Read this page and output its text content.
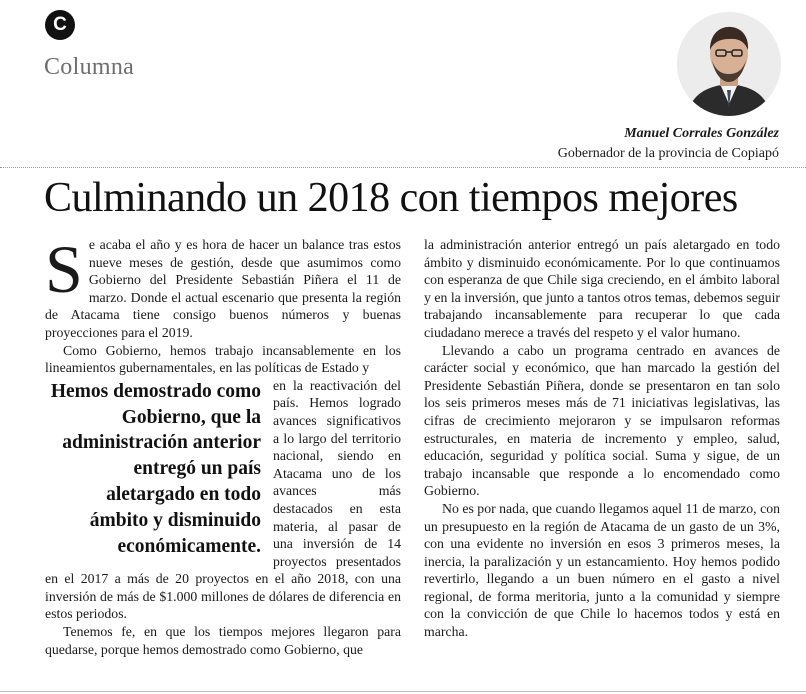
C
Columna
Manuel Corrales González
Gobernador de la provincia de Copiapó
Culminando un 2018 con tiempos mejores

Se acaba el año y es hora de hacer un balance tras estos nueve meses de gestión, desde que asumimos como Gobierno del Presidente Sebastián Piñera el 11 de marzo. Donde el actual escenario que presenta la región de Atacama tiene consigo buenos números y buenas proyecciones para el 2019.

Como Gobierno, hemos trabajo incansablemente en los lineamientos gubernamentales, en las políticas de Estado y

Hemos demostrado como Gobierno, que la administración anterior entregó un país aletargado en todo ámbito y disminuido económicamente.
en la reactivación del país. Hemos logrado avances significativos a lo largo del territorio nacional, siendo en Atacama uno de los avances más destacados en esta materia, al pasar de una inversión de 14 proyectos presentados en el 2017 a más de 20 proyectos en el año 2018, con una inversión de más de $1.000 millones de dólares de diferencia en estos periodos.

Tenemos fe, en que los tiempos mejores llegaron para quedarse, porque hemos demostrado como Gobierno, que

la administración anterior entregó un país aletargado en todo ámbito y disminuido económicamente. Por lo que continuamos con esperanza de que Chile siga creciendo, en el ámbito laboral y en la inversión, que junto a tantos otros temas, debemos seguir trabajando incansablemente para recuperar lo que cada ciudadano merece a través del respeto y el valor humano.

Llevando a cabo un programa centrado en avances de carácter social y económico, que han marcado la gestión del Presidente Sebastián Piñera, donde se presentaron en tan solo los seis primeros meses más de 71 iniciativas legislativas, las cifras de crecimiento mejoraron y se impulsaron reformas estructurales, en materia de incremento y empleo, salud, educación, seguridad y política social. Suma y sigue, de un trabajo incansable que responde a lo encomendado como Gobierno.

No es por nada, que cuando llegamos aquel 11 de marzo, con un presupuesto en la región de Atacama de un gasto de un 3%, con una evidente no inversión en esos 3 primeros meses, la inercia, la paralización y un estancamiento. Hoy hemos podido revertirlo, llegando a un buen número en el gasto a nivel regional, de forma meritoria, junto a la comunidad y siempre con la convicción de que Chile lo hacemos todos y está en marcha.
